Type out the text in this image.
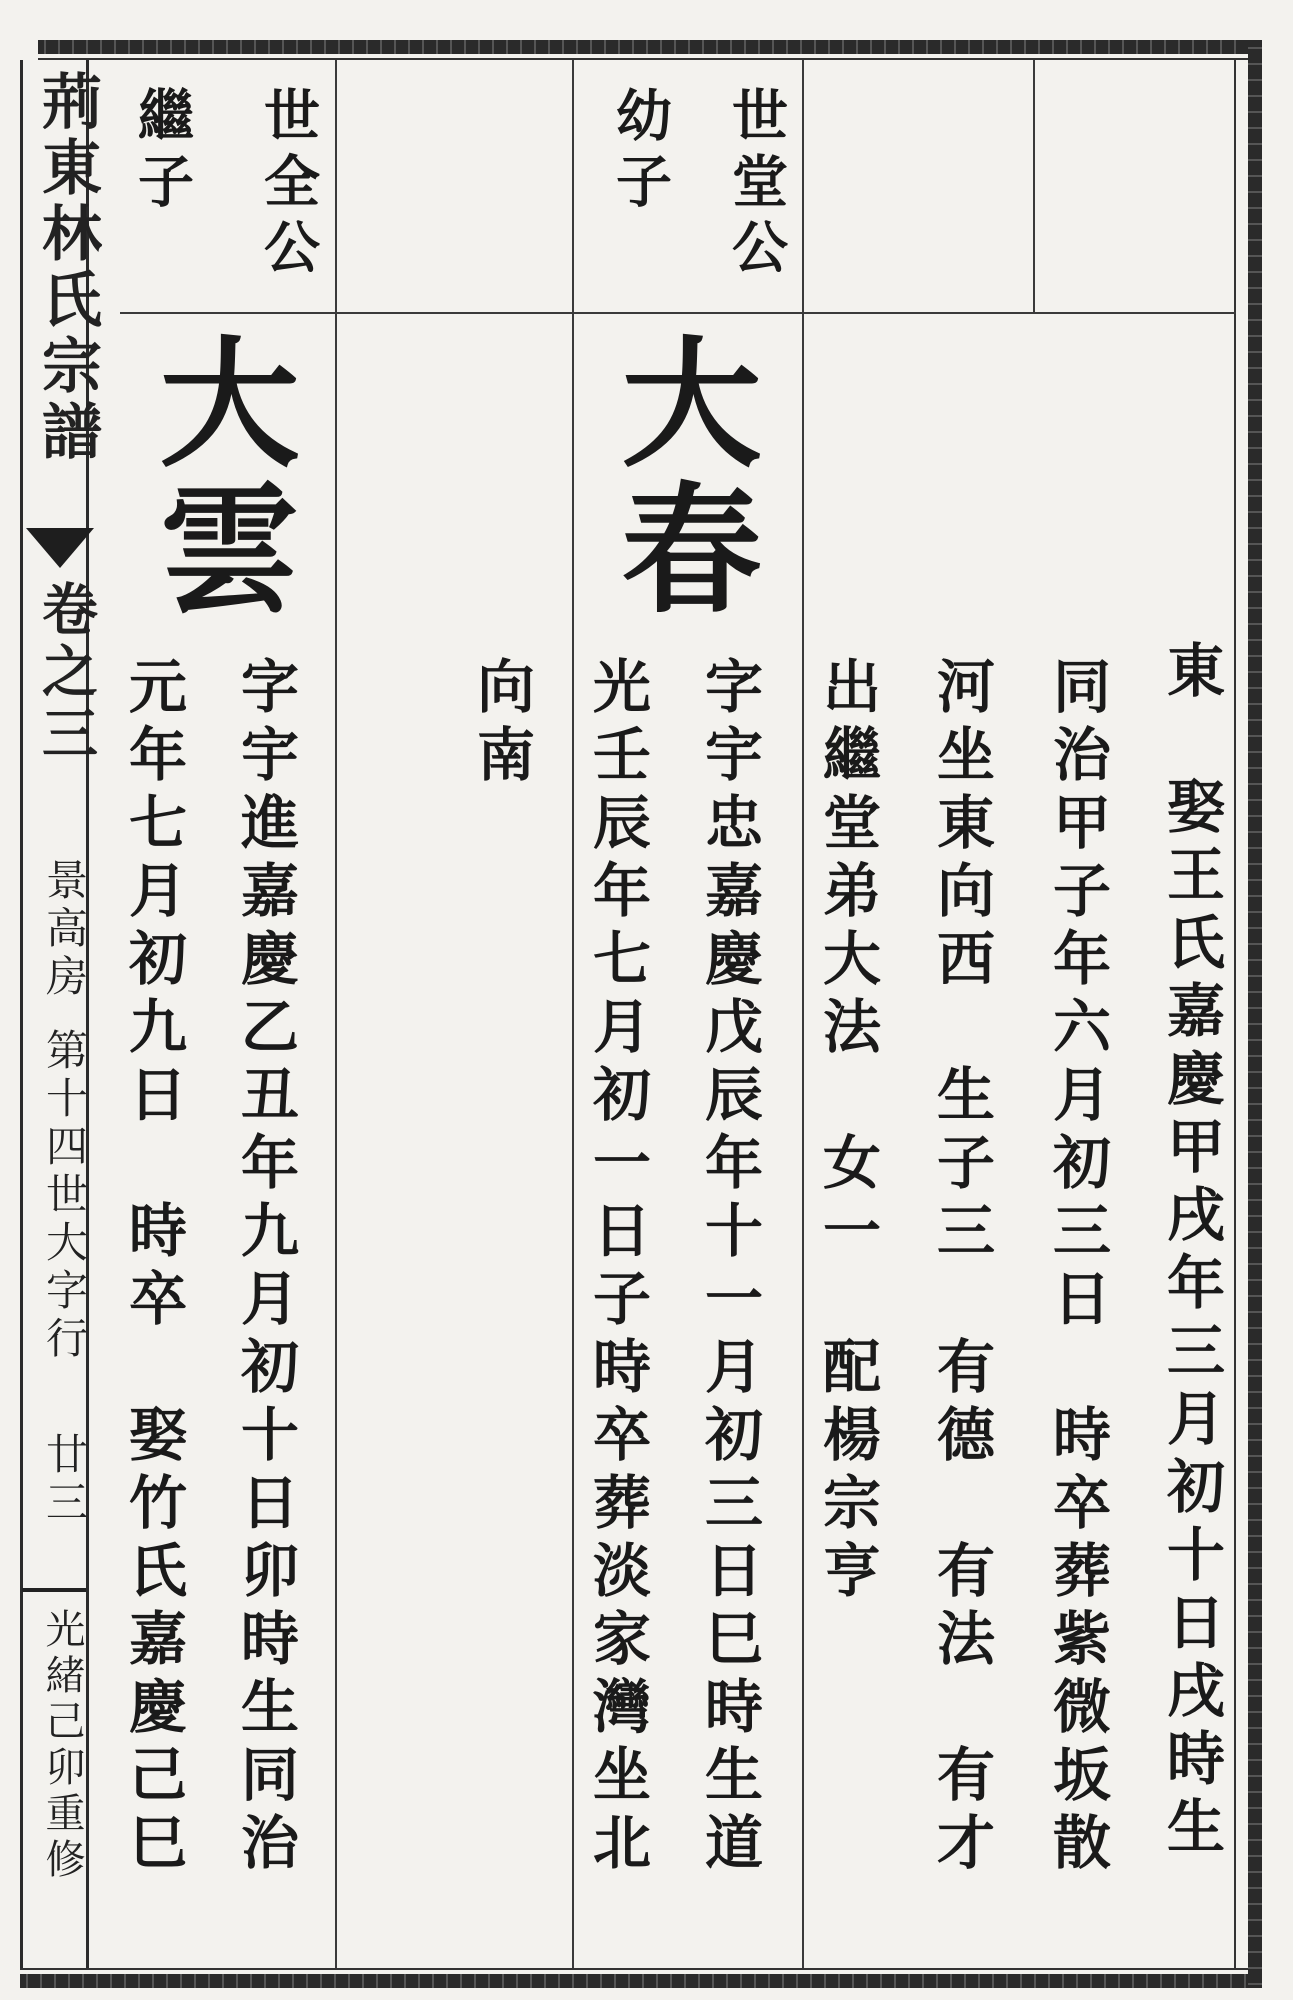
荊東林氏宗譜
卷之三
景高房
第十四世大字行
廿三
光緒己卯重修
世堂公
幼子
世全公
繼子
東　娶王氏嘉慶甲戌年三月初十日戌時生
同治甲子年六月初三日　時卒葬紫微坂散
河坐東向西　生子三　有德　有法　有才
出繼堂弟大法　女一　配楊宗亨
大春
字宇忠嘉慶戊辰年十一月初三日巳時生道
光壬辰年七月初一日子時卒葬淡家灣坐北
向南
大雲
字宇進嘉慶乙丑年九月初十日卯時生同治
元年七月初九日　時卒　娶竹氏嘉慶己巳
